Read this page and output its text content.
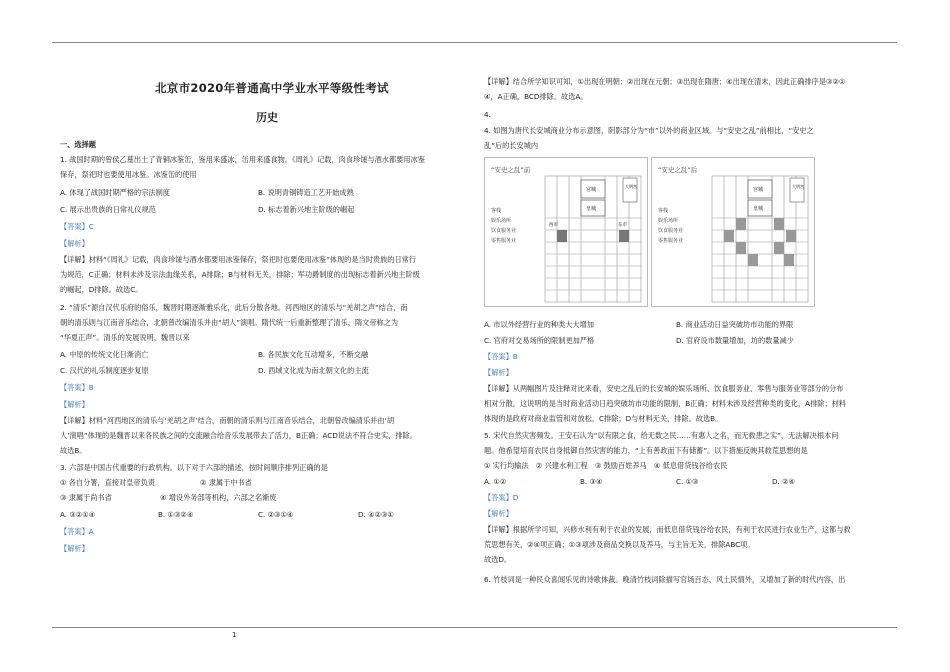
北京市2020年普通高中学业水平等级性考试
历史
一、选择题
1. 战国时期的曾侯乙墓出土了青铜冰鉴缶，鉴用来盛冰，缶用来盛食物。《周礼》记载，肉食珍馐与酒水都要用冰鉴
保存，祭祀时也要使用冰鉴。冰鉴缶的使用
A. 体现了战国时期严格的宗法制度	B. 说明青铜铸造工艺开始成熟
C. 展示出贵族的日常礼仪规范	D. 标志着新兴地主阶级的崛起
【答案】C
【解析】
【详解】材料“《周礼》记载，肉食珍馐与酒水都要用冰鉴保存，祭祀时也要使用冰鉴”体现的是当时贵族的日常行
为规范，C正确；材料未涉及宗法血缘关系，A排除；B与材料无关，排除；军功爵制度的出现标志着新兴地主阶级
的崛起，D排除。故选C。
2. “清乐”源自汉代乐府的俗乐，魏晋时期逐渐雅乐化，此后分散各地。河西地区的清乐与“羌胡之声”结合，南
朝的清乐则与江南音乐结合，北朝曾改编清乐并由“胡人”演唱。隋代统一后重新整理了清乐，隋文帝称之为
“华夏正声”。清乐的发展说明，魏晋以来
A. 中原的传统文化日渐消亡	B. 各民族文化互动增多，不断交融
C. 汉代的礼乐制度逐步复原	D. 西域文化成为南北朝文化的主流
【答案】B
【解析】
【详解】材料“河西地区的清乐与‘羌胡之声’结合，南朝的清乐则与江南音乐结合，北朝曾改编清乐并由‘胡
人’演唱”体现的是魏晋以来各民族之间的交流融合给音乐发展带去了活力，B正确；ACD说法不符合史实，排除。
故选B。
3. 六部是中国古代重要的行政机构。以下对于六部的描述，按时间顺序排列正确的是
① 各自分署，直接对皇帝负责	② 隶属于中书省
③ 隶属于尚书省	④ 增设外务部等机构，六部之名渐废
A. ③②①④	B. ①③②④	C. ②③①④	D. ④②③①
【答案】A
【解析】
1
【详解】结合所学知识可知，①出现在明朝；②出现在元朝；③出现在隋唐；④出现在清末，因此正确排序是③②①
④，A正确，BCD排除。故选A。
4.
4. 如图为唐代长安城商业分布示意图，阴影部分为“市”以外的商业区域。与“安史之乱”前相比，“安史之
乱”后的长安城内
“安史之乱”前
宫城
皇城
东市
西市
大明宫
客栈
娱乐场所
饮食服务业
零售服务业
“安史之乱”后
宫城
皇城
大明宫
客栈
娱乐场所
饮食服务业
零售服务业
A. 市以外经营行业的种类大大增加	B. 商业活动日益突破坊市功能的界限
C. 官府对交易场所的限制更加严格	D. 官府设市数量增加，坊的数量减少
【答案】B
【解析】
【详解】从两幅图片及注释对比来看，安史之乱后的长安城的娱乐场所、饮食服务业、零售与服务业等部分的分布
相对分散，这说明的是当时商业活动日趋突破坊市功能的限制，B正确；材料未涉及经营种类的变化，A排除；材料
体现的是政府对商业监管和对放松，C排除；D与材料无关，排除。故选B。
5. 宋代自然灾害频发。王安石认为“以有限之食，给无数之民……有惠人之名，而无救患之实”，无法解决根本问
题。他希望培育农民自身抵御自然灾害的能力，“上有善政而下有储蓄”。以下措施反映其救荒思想的是
① 实行均输法　② 兴建水利工程　③ 鼓励百姓养马　④ 低息借贷钱谷给农民
A. ①②	B. ③④	C. ①③	D. ②④
【答案】D
【解析】
【详解】根据所学可知，兴修水利有利于农业的发展，而低息借贷钱谷给农民，有利于农民进行农业生产，这都与救
荒思想有关，②④项正确；①③项涉及商品交换以及养马，与主旨无关，排除ABC项。
故选D。
6. 竹枝词是一种民众喜闻乐见的诗歌体裁。晚清竹枝词除描写官场百态、风土民情外，又增加了新的时代内容，出
